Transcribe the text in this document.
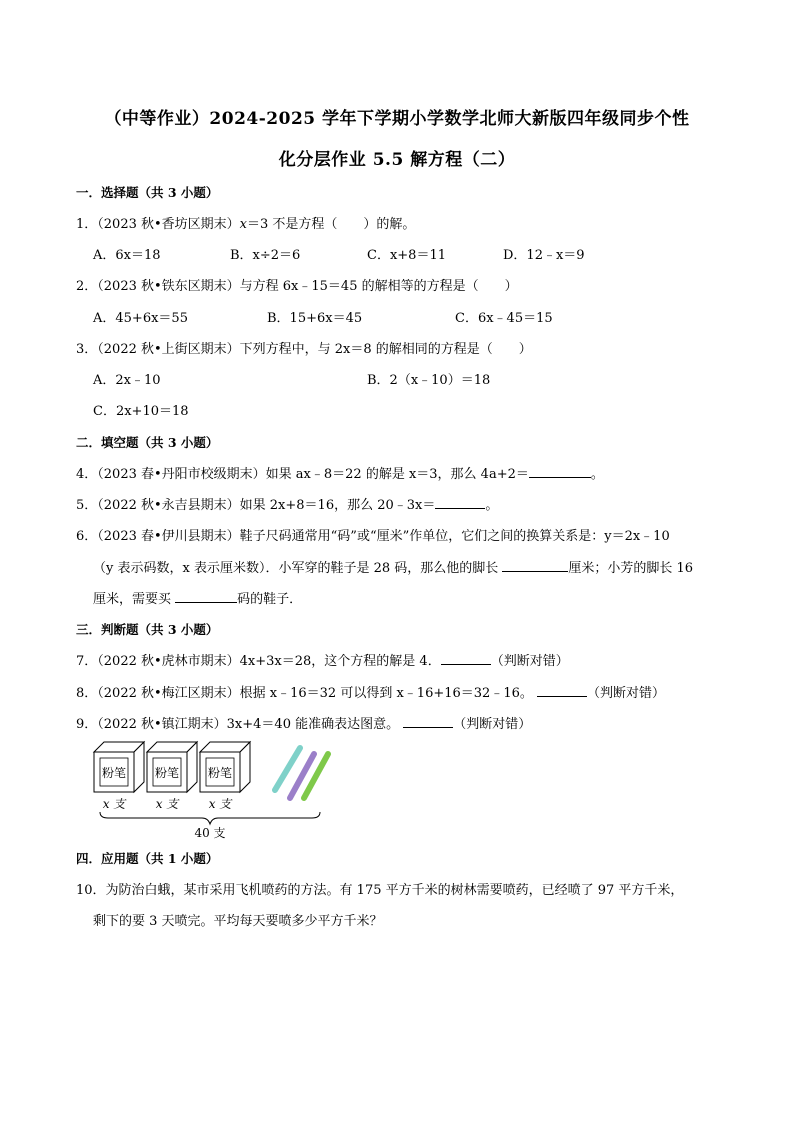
（中等作业）2024-2025 学年下学期小学数学北师大新版四年级同步个性
化分层作业 5.5 解方程（二）
一．选择题（共 3 小题）
1．（2023 秋•香坊区期末）x＝3 不是方程（　　）的解。
A．6x＝18	B．x÷2＝6	C．x+8＝11	D．12﹣x＝9
2．（2023 秋•铁东区期末）与方程 6x﹣15＝45 的解相等的方程是（　　）
A．45+6x＝55	B．15+6x＝45	C．6x﹣45＝15
3．（2022 秋•上街区期末）下列方程中，与 2x＝8 的解相同的方程是（　　）
A．2x﹣10	B．2（x﹣10）＝18
C．2x+10＝18
二．填空题（共 3 小题）
4．（2023 春•丹阳市校级期末）如果 ax﹣8＝22 的解是 x＝3，那么 4a+2＝	。
5．（2022 秋•永吉县期末）如果 2x+8＝16，那么 20﹣3x＝	。
6．（2023 春•伊川县期末）鞋子尺码通常用“码”或“厘米”作单位，它们之间的换算关系是：y＝2x﹣10
（y 表示码数，x 表示厘米数）．小军穿的鞋子是 28 码，那么他的脚长	厘米；小芳的脚长 16
厘米，需要买	码的鞋子．
三．判断题（共 3 小题）
7．（2022 秋•虎林市期末）4x+3x＝28，这个方程的解是 4．	（判断对错）
8．（2022 秋•梅江区期末）根据 x﹣16＝32 可以得到 x﹣16+16＝32﹣16。	（判断对错）
9．（2022 秋•镇江期末）3x+4＝40 能准确表达图意。	（判断对错）
粉笔 粉笔 粉笔
x 支	x 支	x 支
40 支
四．应用题（共 1 小题）
10．为防治白蛾，某市采用飞机喷药的方法。有 175 平方千米的树林需要喷药，已经喷了 97 平方千米，
剩下的要 3 天喷完。平均每天要喷多少平方千米？
